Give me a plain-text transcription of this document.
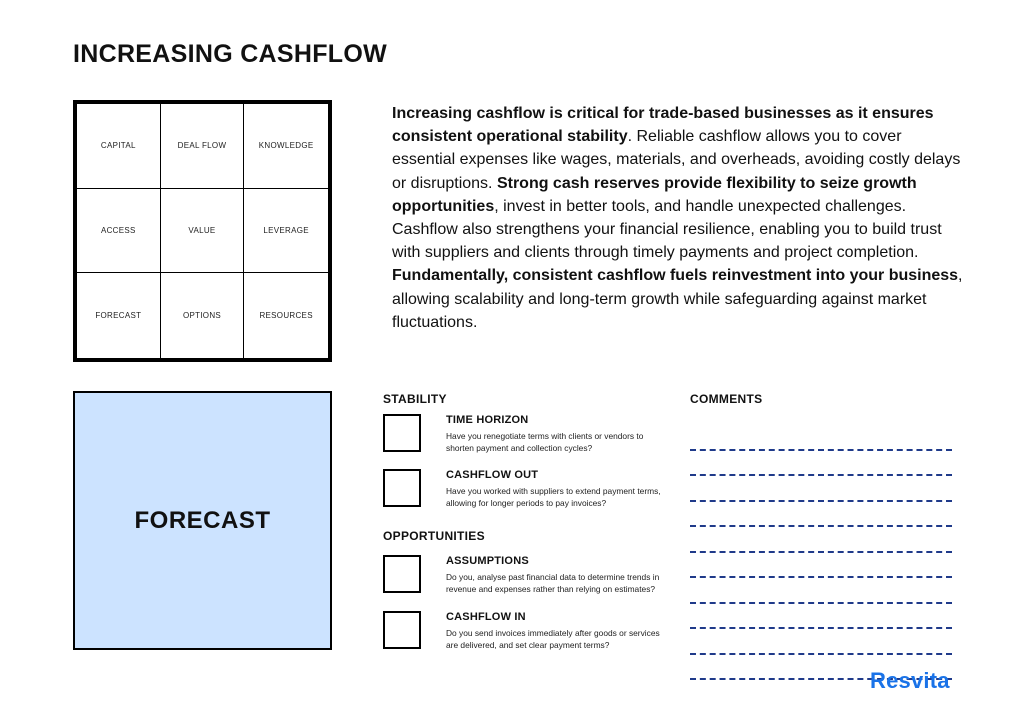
INCREASING CASHFLOW
CAPITAL	DEAL FLOW	KNOWLEDGE
ACCESS	VALUE	LEVERAGE
FORECAST	OPTIONS	RESOURCES
Increasing cashflow is critical for trade-based businesses as it ensures consistent operational stability. Reliable cashflow allows you to cover essential expenses like wages, materials, and overheads, avoiding costly delays or disruptions. Strong cash reserves provide flexibility to seize growth opportunities, invest in better tools, and handle unexpected challenges. Cashflow also strengthens your financial resilience, enabling you to build trust with suppliers and clients through timely payments and project completion. Fundamentally, consistent cashflow fuels reinvestment into your business, allowing scalability and long-term growth while safeguarding against market fluctuations.
FORECAST
STABILITY
TIME HORIZON
Have you renegotiate terms with clients or vendors to shorten payment and collection cycles?
CASHFLOW OUT
Have you worked with suppliers to extend payment terms, allowing for longer periods to pay invoices?
OPPORTUNITIES
ASSUMPTIONS
Do you, analyse past financial data to determine trends in revenue and expenses rather than relying on estimates?
CASHFLOW IN
Do you send invoices immediately after goods or services are delivered, and set clear payment terms?
COMMENTS
Resvita
